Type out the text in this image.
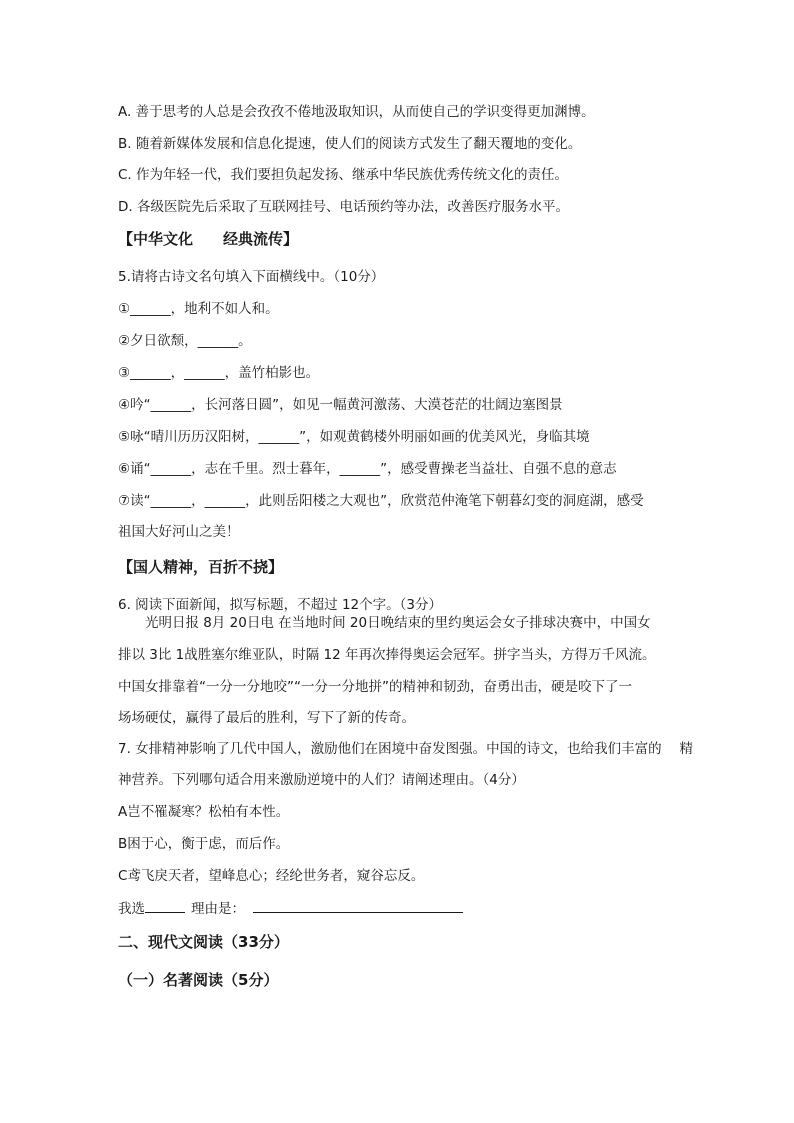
A. 善于思考的人总是会孜孜不倦地汲取知识，从而使自己的学识变得更加渊博。
B. 随着新媒体发展和信息化提速，使人们的阅读方式发生了翻天覆地的变化。
C. 作为年轻一代，我们要担负起发扬、继承中华民族优秀传统文化的责任。
D. 各级医院先后采取了互联网挂号、电话预约等办法，改善医疗服务水平。
【中华文化　　经典流传】
5.请将古诗文名句填入下面横线中。（10分）
①______，地利不如人和。
②夕日欲颓，______。
③______，______，盖竹柏影也。
④吟“______，长河落日圆”，如见一幅黄河激荡、大漠苍茫的壮阔边塞图景
⑤咏“晴川历历汉阳树，______”，如观黄鹤楼外明丽如画的优美风光，身临其境
⑥诵“______，志在千里。烈士暮年，______”，感受曹操老当益壮、自强不息的意志
⑦读“______，______，此则岳阳楼之大观也”，欣赏范仲淹笔下朝暮幻变的洞庭湖，感受
祖国大好河山之美！
【国人精神，百折不挠】
6. 阅读下面新闻，拟写标题，不超过 12个字。（3分）
　　光明日报 8月 20日电 在当地时间 20日晚结束的里约奥运会女子排球决赛中，中国女
排以 3比 1战胜塞尔维亚队，时隔 12 年再次捧得奥运会冠军。拼字当头，方得万千风流。
中国女排靠着“一分一分地咬”“一分一分地拼”的精神和韧劲，奋勇出击，硬是咬下了一
场场硬仗，赢得了最后的胜利，写下了新的传奇。
7. 女排精神影响了几代中国人，激励他们在困境中奋发图强。中国的诗文，也给我们丰富的　 精
神营养。下列哪句适合用来激励逆境中的人们？请阐述理由。（4分）
A岂不罹凝寒？松柏有本性。
B困于心，衡于虑，而后作。
C鸢飞戾天者，望峰息心；经纶世务者，窥谷忘反。
我选	理由是：
二、现代文阅读（33分）
（一）名著阅读（5分）
